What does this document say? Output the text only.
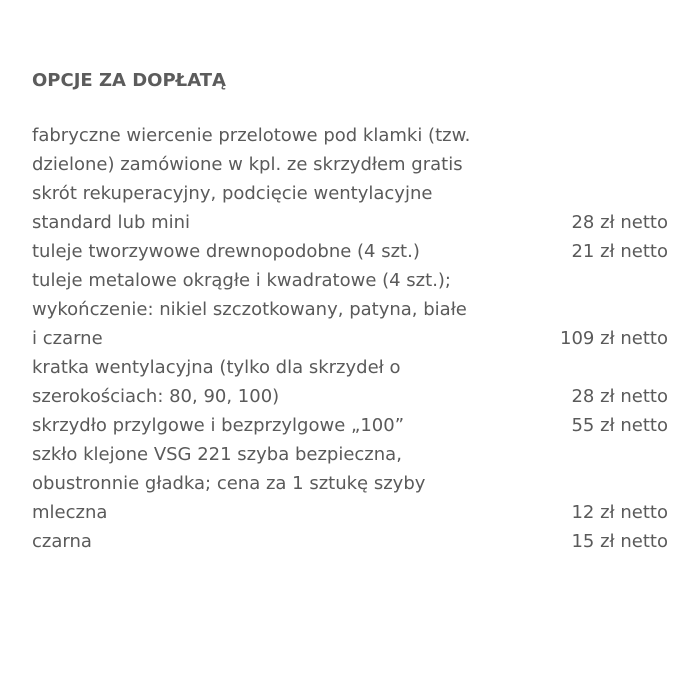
OPCJE ZA DOPŁATĄ
fabryczne wiercenie przelotowe pod klamki (tzw.
dzielone) zamówione w kpl. ze skrzydłem gratis
skrót rekuperacyjny, podcięcie wentylacyjne
standard lub mini	28 zł netto
tuleje tworzywowe drewnopodobne (4 szt.)	21 zł netto
tuleje metalowe okrągłe i kwadratowe (4 szt.);
wykończenie: nikiel szczotkowany, patyna, białe
i czarne	109 zł netto
kratka wentylacyjna (tylko dla skrzydeł o
szerokościach: 80, 90, 100)	28 zł netto
skrzydło przylgowe i bezprzylgowe „100”	55 zł netto
szkło klejone VSG 221 szyba bezpieczna,
obustronnie gładka; cena za 1 sztukę szyby
mleczna	12 zł netto
czarna	15 zł netto
